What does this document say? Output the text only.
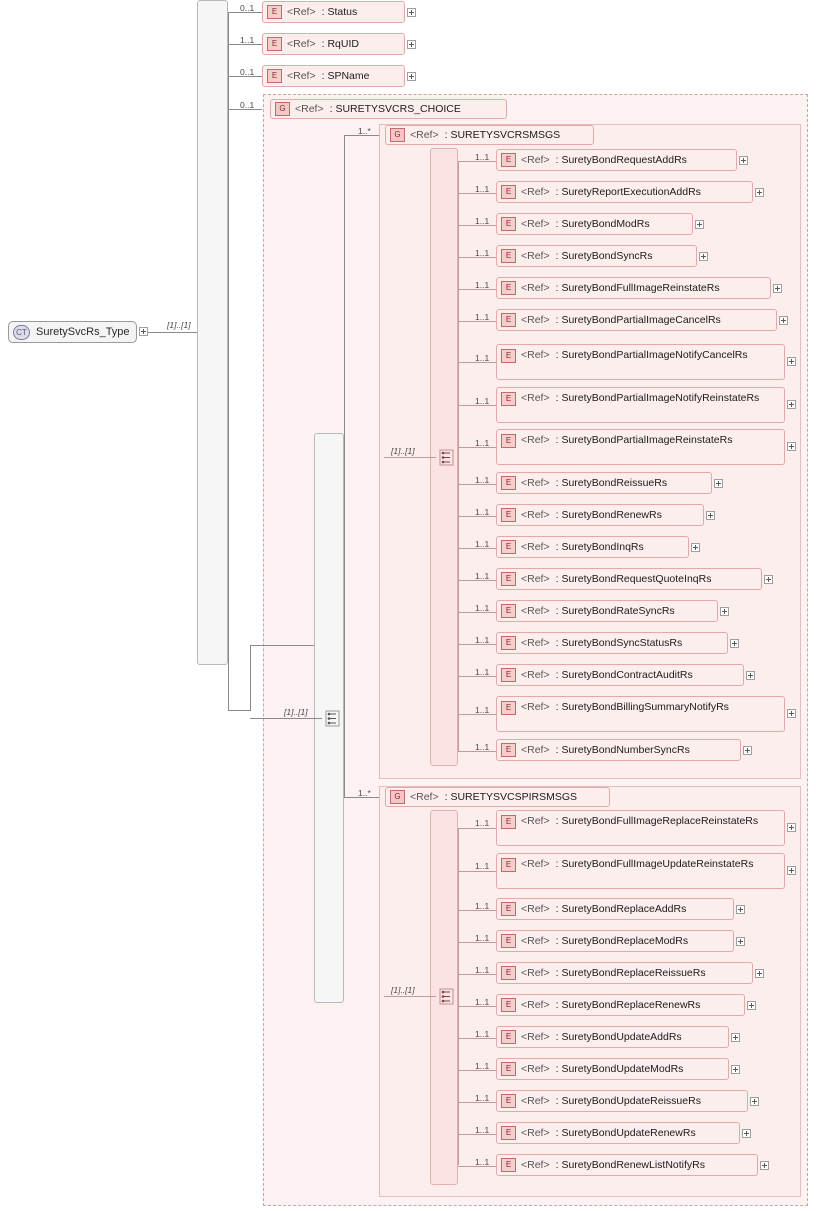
CT SuretySvcRs_Type
[1]..[1]
0..1	E <Ref> : Status
1..1	E <Ref> : RqUID
0..1	E <Ref> : SPName
0..1	G <Ref> : SURETYSVCRS_CHOICE
[1]..[1]
1..*	G <Ref> : SURETYSVCRSMSGS
[1]..[1]
1..1	E <Ref> : SuretyBondRequestAddRs
1..1	E <Ref> : SuretyReportExecutionAddRs
1..1	E <Ref> : SuretyBondModRs
1..1	E <Ref> : SuretyBondSyncRs
1..1	E <Ref> : SuretyBondFullImageReinstateRs
1..1	E <Ref> : SuretyBondPartialImageCancelRs
1..1	E <Ref> : SuretyBondPartialImageNotifyCancelRs
1..1	E <Ref> : SuretyBondPartialImageNotifyReinstateRs
1..1	E <Ref> : SuretyBondPartialImageReinstateRs
1..1	E <Ref> : SuretyBondReissueRs
1..1	E <Ref> : SuretyBondRenewRs
1..1	E <Ref> : SuretyBondInqRs
1..1	E <Ref> : SuretyBondRequestQuoteInqRs
1..1	E <Ref> : SuretyBondRateSyncRs
1..1	E <Ref> : SuretyBondSyncStatusRs
1..1	E <Ref> : SuretyBondContractAuditRs
1..1	E <Ref> : SuretyBondBillingSummaryNotifyRs
1..1	E <Ref> : SuretyBondNumberSyncRs
1..*	G <Ref> : SURETYSVCSPIRSMSGS
[1]..[1]
1..1	E <Ref> : SuretyBondFullImageReplaceReinstateRs
1..1	E <Ref> : SuretyBondFullImageUpdateReinstateRs
1..1	E <Ref> : SuretyBondReplaceAddRs
1..1	E <Ref> : SuretyBondReplaceModRs
1..1	E <Ref> : SuretyBondReplaceReissueRs
1..1	E <Ref> : SuretyBondReplaceRenewRs
1..1	E <Ref> : SuretyBondUpdateAddRs
1..1	E <Ref> : SuretyBondUpdateModRs
1..1	E <Ref> : SuretyBondUpdateReissueRs
1..1	E <Ref> : SuretyBondUpdateRenewRs
1..1	E <Ref> : SuretyBondRenewListNotifyRs
